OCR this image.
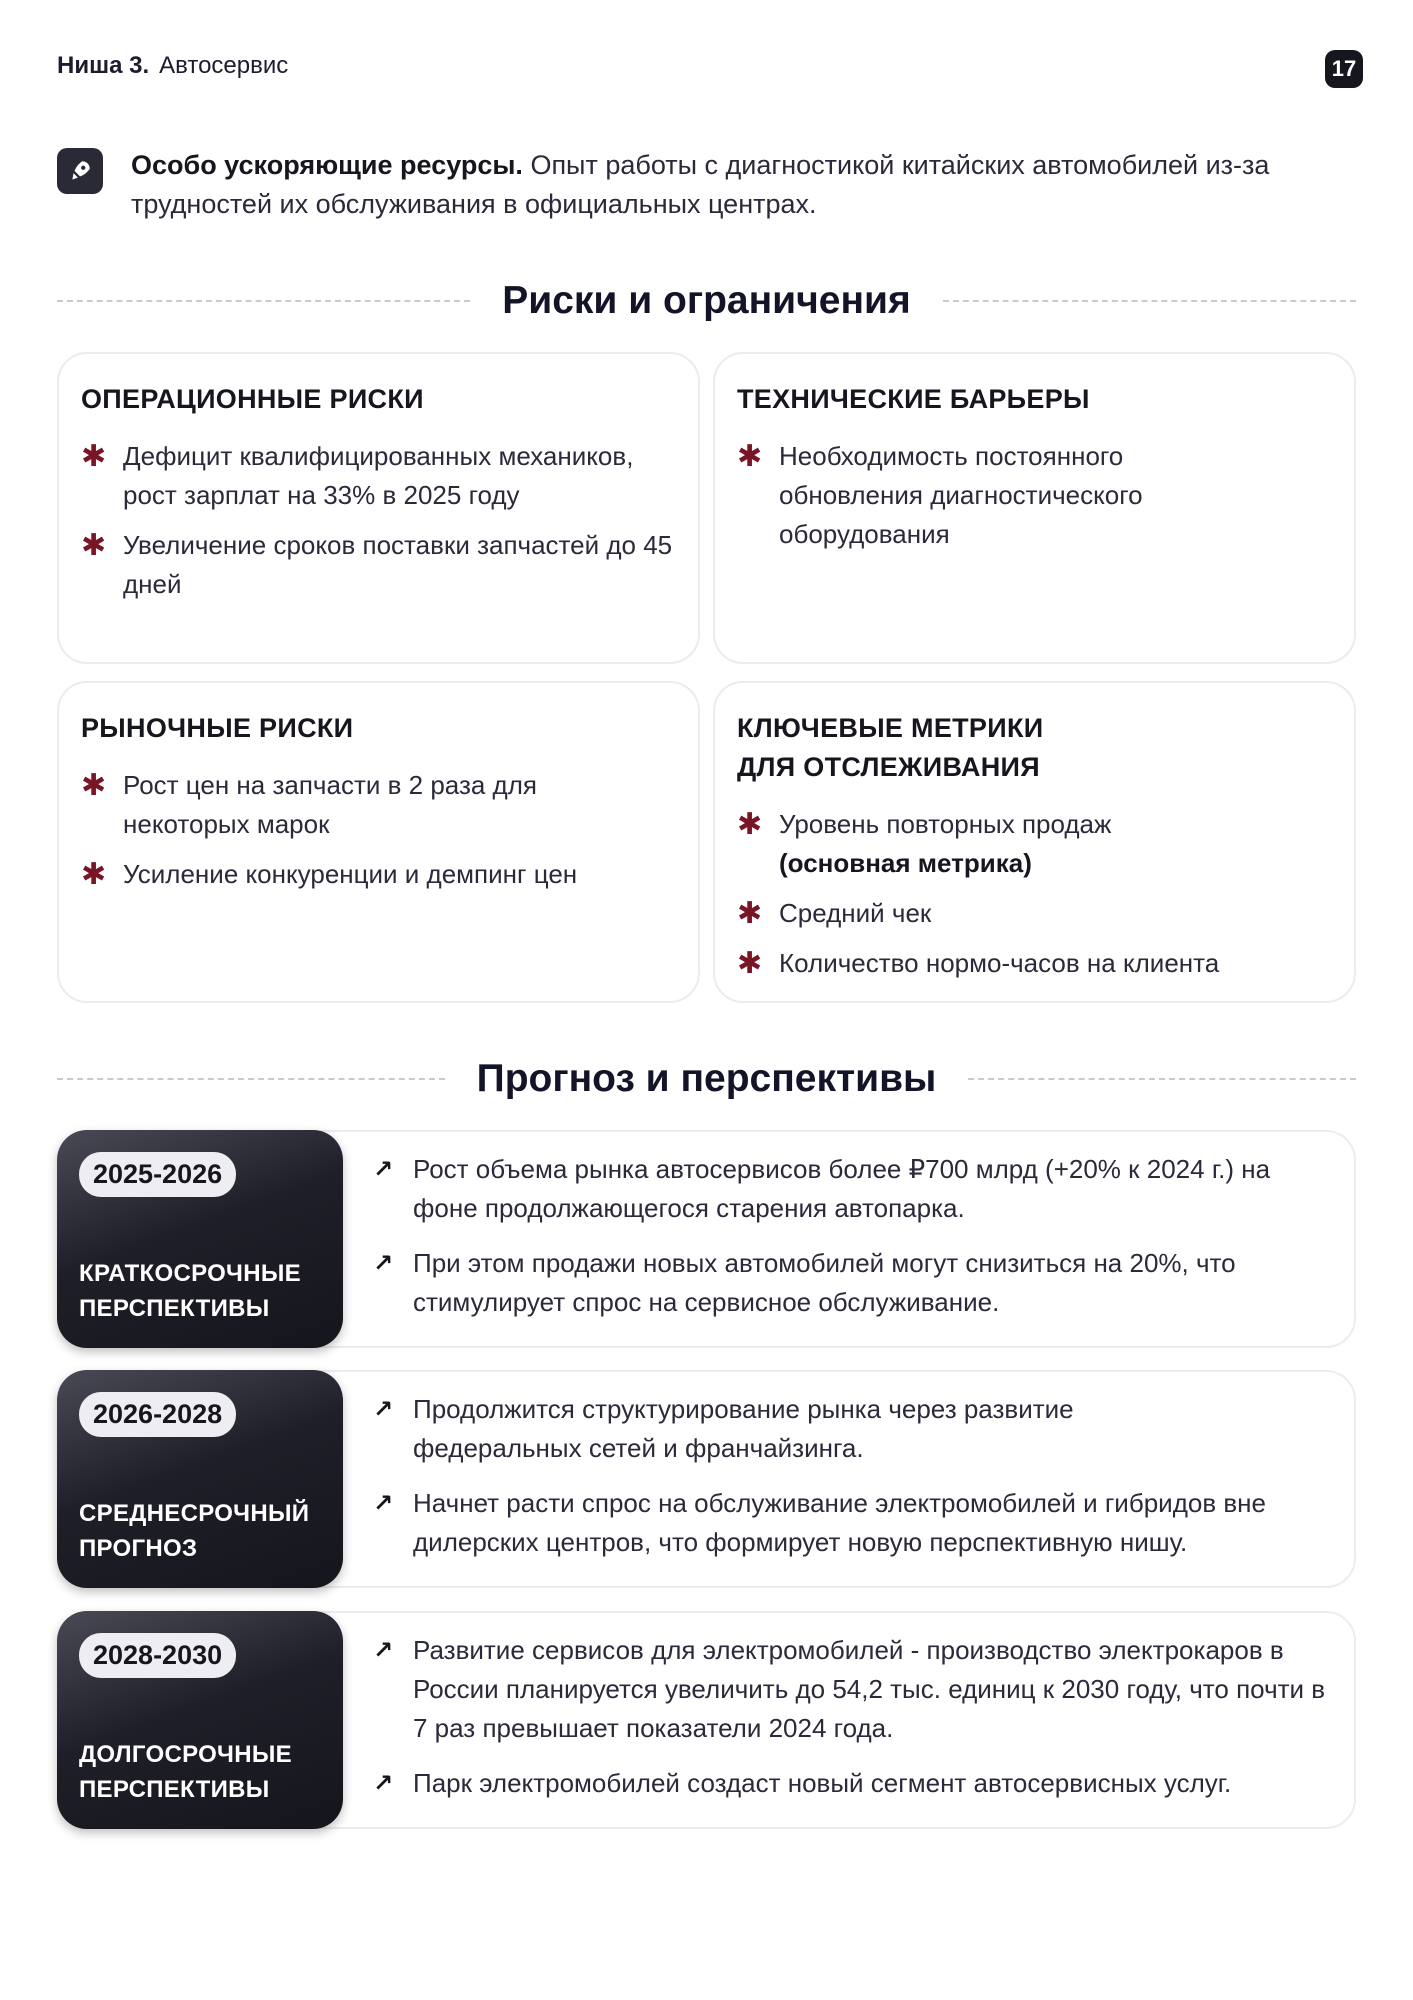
Ниша 3. Автосервис	17
Особо ускоряющие ресурсы. Опыт работы с диагностикой китайских автомобилей из-за трудностей их обслуживания в официальных центрах.
Риски и ограничения
ОПЕРАЦИОННЫЕ РИСКИ
✱ Дефицит квалифицированных механиков, рост зарплат на 33% в 2025 году
✱ Увеличение сроков поставки запчастей до 45 дней
ТЕХНИЧЕСКИЕ БАРЬЕРЫ
✱ Необходимость постоянного обновления диагностического оборудования
РЫНОЧНЫЕ РИСКИ
✱ Рост цен на запчасти в 2 раза для некоторых марок
✱ Усиление конкуренции и демпинг цен
КЛЮЧЕВЫЕ МЕТРИКИ ДЛЯ ОТСЛЕЖИВАНИЯ
✱ Уровень повторных продаж
(основная метрика)
✱ Средний чек
✱ Количество нормо-часов на клиента
Прогноз и перспективы
2025-2026
КРАТКОСРОЧНЫЕ
ПЕРСПЕКТИВЫ
↗ Рост объема рынка автосервисов более ₽700 млрд (+20% к 2024 г.) на фоне продолжающегося старения автопарка.
↗ При этом продажи новых автомобилей могут снизиться на 20%, что стимулирует спрос на сервисное обслуживание.
2026-2028
СРЕДНЕСРОЧНЫЙ
ПРОГНОЗ
↗ Продолжится структурирование рынка через развитие федеральных сетей и франчайзинга.
↗ Начнет расти спрос на обслуживание электромобилей и гибридов вне дилерских центров, что формирует новую перспективную нишу.
2028-2030
ДОЛГОСРОЧНЫЕ
ПЕРСПЕКТИВЫ
↗ Развитие сервисов для электромобилей - производство электрокаров в России планируется увеличить до 54,2 тыс. единиц к 2030 году, что почти в 7 раз превышает показатели 2024 года.
↗ Парк электромобилей создаст новый сегмент автосервисных услуг.
